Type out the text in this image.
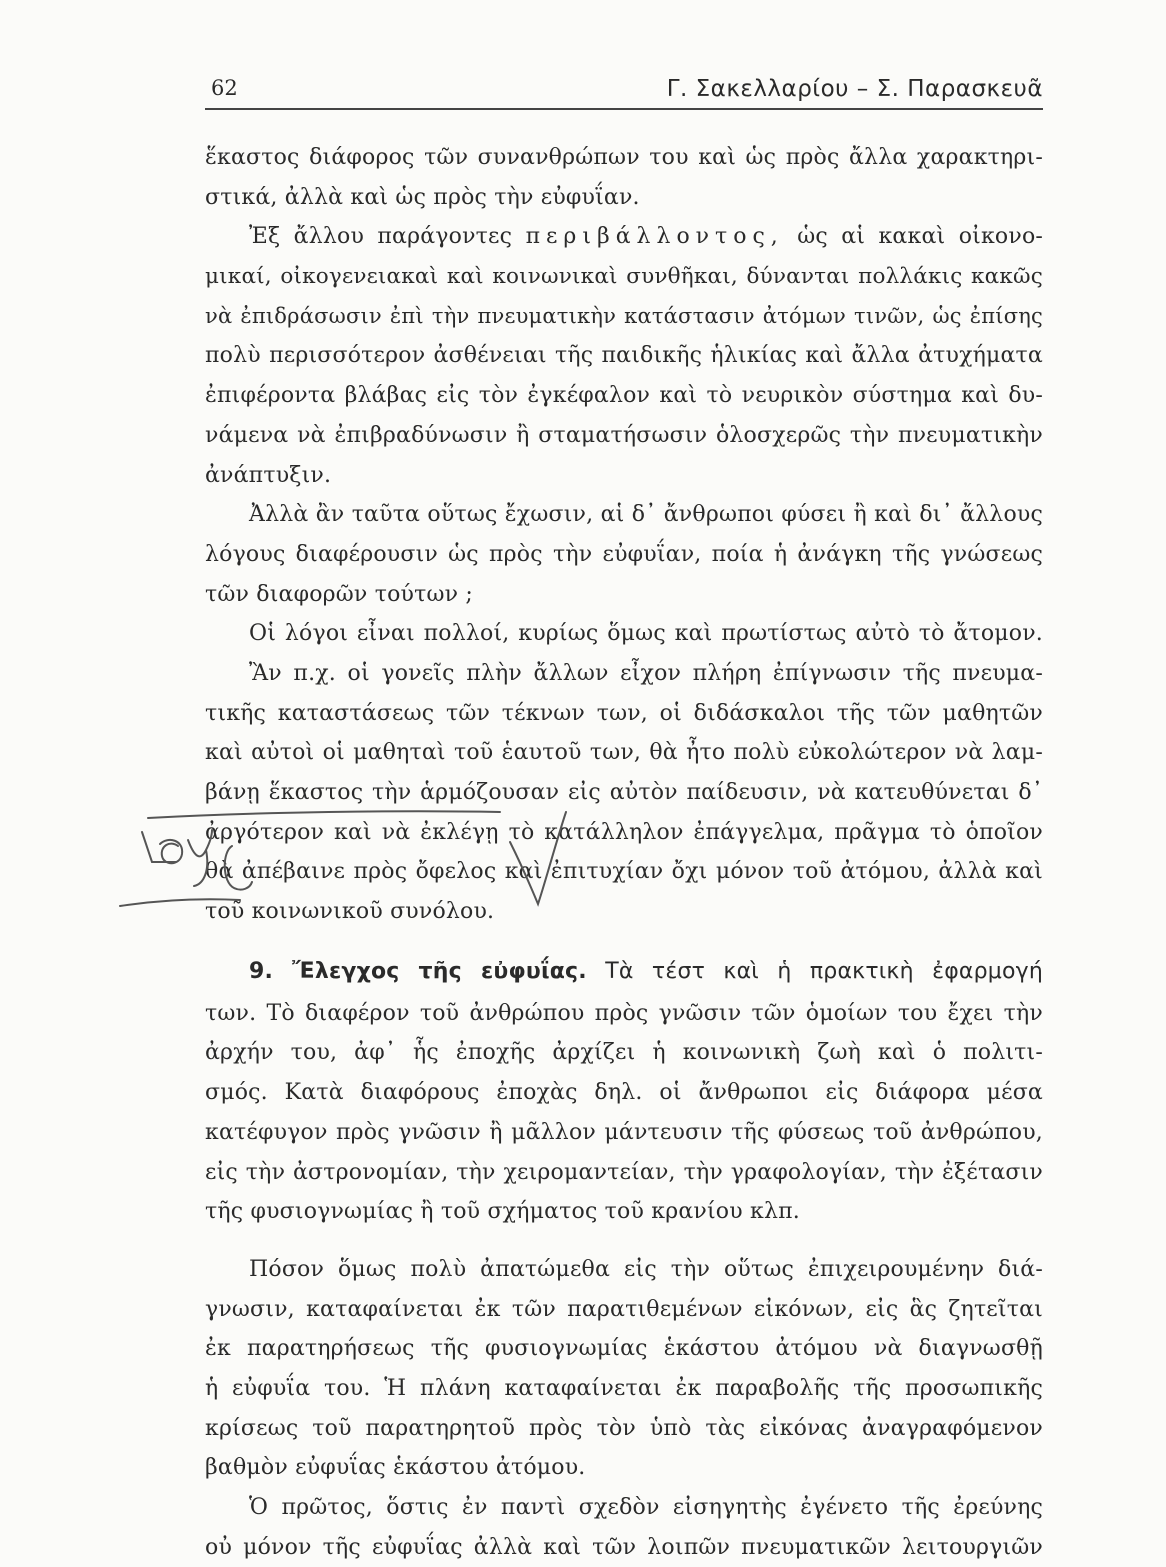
62	Γ. Σακελλαρίου – Σ. Παρασκευᾶ
ἕκαστος διάφορος τῶν συνανθρώπων του καὶ ὡς πρὸς ἄλλα χαρακτηρι-
στικά, ἀλλὰ καὶ ὡς πρὸς τὴν εὐφυΐαν.
Ἐξ ἄλλου παράγοντες περιβάλλοντος, ὡς αἱ κακαὶ οἰκονο-
μικαί, οἰκογενειακαὶ καὶ κοινωνικαὶ συνθῆκαι, δύνανται πολλάκις κακῶς
νὰ ἐπιδράσωσιν ἐπὶ τὴν πνευματικὴν κατάστασιν ἀτόμων τινῶν, ὡς ἐπίσης
πολὺ περισσότερον ἀσθένειαι τῆς παιδικῆς ἡλικίας καὶ ἄλλα ἀτυχήματα
ἐπιφέροντα βλάβας εἰς τὸν ἐγκέφαλον καὶ τὸ νευρικὸν σύστημα καὶ δυ-
νάμενα νὰ ἐπιβραδύνωσιν ἢ σταματήσωσιν ὁλοσχερῶς τὴν πνευματικὴν
ἀνάπτυξιν.
Ἀλλὰ ἂν ταῦτα οὕτως ἔχωσιν, αἱ δ᾽ ἄνθρωποι φύσει ἢ καὶ δι᾽ ἄλλους
λόγους διαφέρουσιν ὡς πρὸς τὴν εὐφυΐαν, ποία ἡ ἀνάγκη τῆς γνώσεως
τῶν διαφορῶν τούτων ;
Οἱ λόγοι εἶναι πολλοί, κυρίως ὅμως καὶ πρωτίστως αὐτὸ τὸ ἄτομον.
Ἂν π.χ. οἱ γονεῖς πλὴν ἄλλων εἶχον πλήρη ἐπίγνωσιν τῆς πνευμα-
τικῆς καταστάσεως τῶν τέκνων των, οἱ διδάσκαλοι τῆς τῶν μαθητῶν
καὶ αὐτοὶ οἱ μαθηταὶ τοῦ ἑαυτοῦ των, θὰ ἦτο πολὺ εὐκολώτερον νὰ λαμ-
βάνῃ ἕκαστος τὴν ἁρμόζουσαν εἰς αὐτὸν παίδευσιν, νὰ κατευθύνεται δ᾽
ἀργότερον καὶ νὰ ἐκλέγῃ τὸ κατάλληλον ἐπάγγελμα, πρᾶγμα τὸ ὁποῖον
θὰ ἀπέβαινε πρὸς ὄφελος καὶ ἐπιτυχίαν ὄχι μόνον τοῦ ἀτόμου, ἀλλὰ καὶ
τοῦ κοινωνικοῦ συνόλου.
9. Ἔλεγχος τῆς εὐφυΐας. Τὰ τέστ καὶ ἡ πρακτικὴ ἐφαρμογή
των. Τὸ διαφέρον τοῦ ἀνθρώπου πρὸς γνῶσιν τῶν ὁμοίων του ἔχει τὴν
ἀρχήν του, ἀφ᾽ ἧς ἐποχῆς ἀρχίζει ἡ κοινωνικὴ ζωὴ καὶ ὁ πολιτι-
σμός. Κατὰ διαφόρους ἐποχὰς δηλ. οἱ ἄνθρωποι εἰς διάφορα μέσα
κατέφυγον πρὸς γνῶσιν ἢ μᾶλλον μάντευσιν τῆς φύσεως τοῦ ἀνθρώπου,
εἰς τὴν ἀστρονομίαν, τὴν χειρομαντείαν, τὴν γραφολογίαν, τὴν ἐξέτασιν
τῆς φυσιογνωμίας ἢ τοῦ σχήματος τοῦ κρανίου κλπ.
Πόσον ὅμως πολὺ ἀπατώμεθα εἰς τὴν οὕτως ἐπιχειρουμένην διά-
γνωσιν, καταφαίνεται ἐκ τῶν παρατιθεμένων εἰκόνων, εἰς ἃς ζητεῖται
ἐκ παρατηρήσεως τῆς φυσιογνωμίας ἑκάστου ἀτόμου νὰ διαγνωσθῇ
ἡ εὐφυΐα του. Ἡ πλάνη καταφαίνεται ἐκ παραβολῆς τῆς προσωπικῆς
κρίσεως τοῦ παρατηρητοῦ πρὸς τὸν ὑπὸ τὰς εἰκόνας ἀναγραφόμενον
βαθμὸν εὐφυΐας ἑκάστου ἀτόμου.
Ὁ πρῶτος, ὅστις ἐν παντὶ σχεδὸν εἰσηγητὴς ἐγένετο τῆς ἐρεύνης
οὐ μόνον τῆς εὐφυΐας ἀλλὰ καὶ τῶν λοιπῶν πνευματικῶν λειτουργιῶν
